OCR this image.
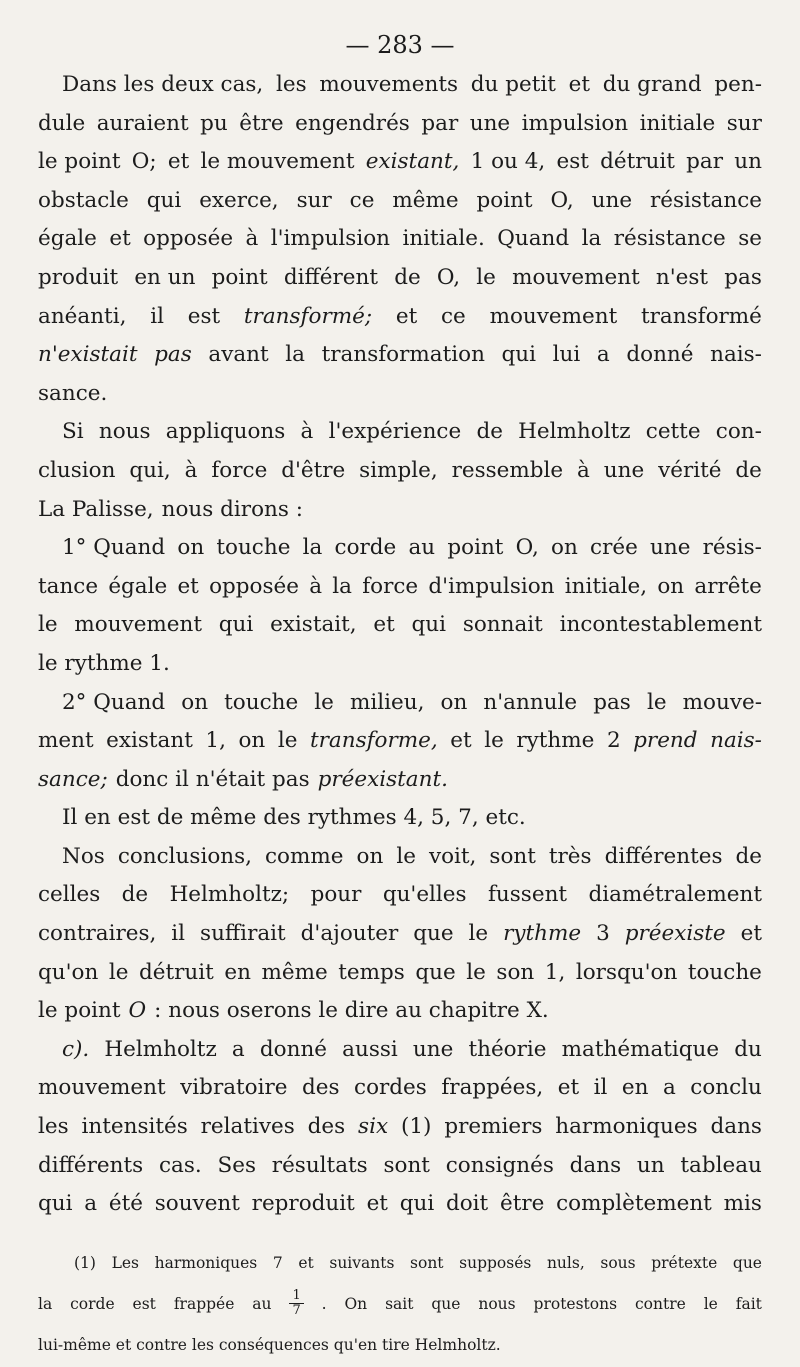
— 283 —
Dans les deux cas, les mouvements du petit et du grand pen-
dule auraient pu être engendrés par une impulsion initiale sur
le point O; et le mouvement existant, 1 ou 4, est détruit par un
obstacle qui exerce, sur ce même point O, une résistance
égale et opposée à l'impulsion initiale. Quand la résistance se
produit en un point différent de O, le mouvement n'est pas
anéanti, il est transformé; et ce mouvement transformé
n'existait pas avant la transformation qui lui a donné nais-
sance.
Si nous appliquons à l'expérience de Helmholtz cette con-
clusion qui, à force d'être simple, ressemble à une vérité de
La Palisse, nous dirons :
1° Quand on touche la corde au point O, on crée une résis-
tance égale et opposée à la force d'impulsion initiale, on arrête
le mouvement qui existait, et qui sonnait incontestablement
le rythme 1.
2° Quand on touche le milieu, on n'annule pas le mouve-
ment existant 1, on le transforme, et le rythme 2 prend nais-
sance; donc il n'était pas préexistant.
Il en est de même des rythmes 4, 5, 7, etc.
Nos conclusions, comme on le voit, sont très différentes de
celles de Helmholtz; pour qu'elles fussent diamétralement
contraires, il suffirait d'ajouter que le rythme 3 préexiste et
qu'on le détruit en même temps que le son 1, lorsqu'on touche
le point O : nous oserons le dire au chapitre X.
c). Helmholtz a donné aussi une théorie mathématique du
mouvement vibratoire des cordes frappées, et il en a conclu
les intensités relatives des six (1) premiers harmoniques dans
différents cas. Ses résultats sont consignés dans un tableau
qui a été souvent reproduit et qui doit être complètement mis
(1) Les harmoniques 7 et suivants sont supposés nuls, sous prétexte que
la corde est frappée au $\frac{1}{7}$ . On sait que nous protestons contre le fait
lui-même et contre les conséquences qu'en tire Helmholtz.
